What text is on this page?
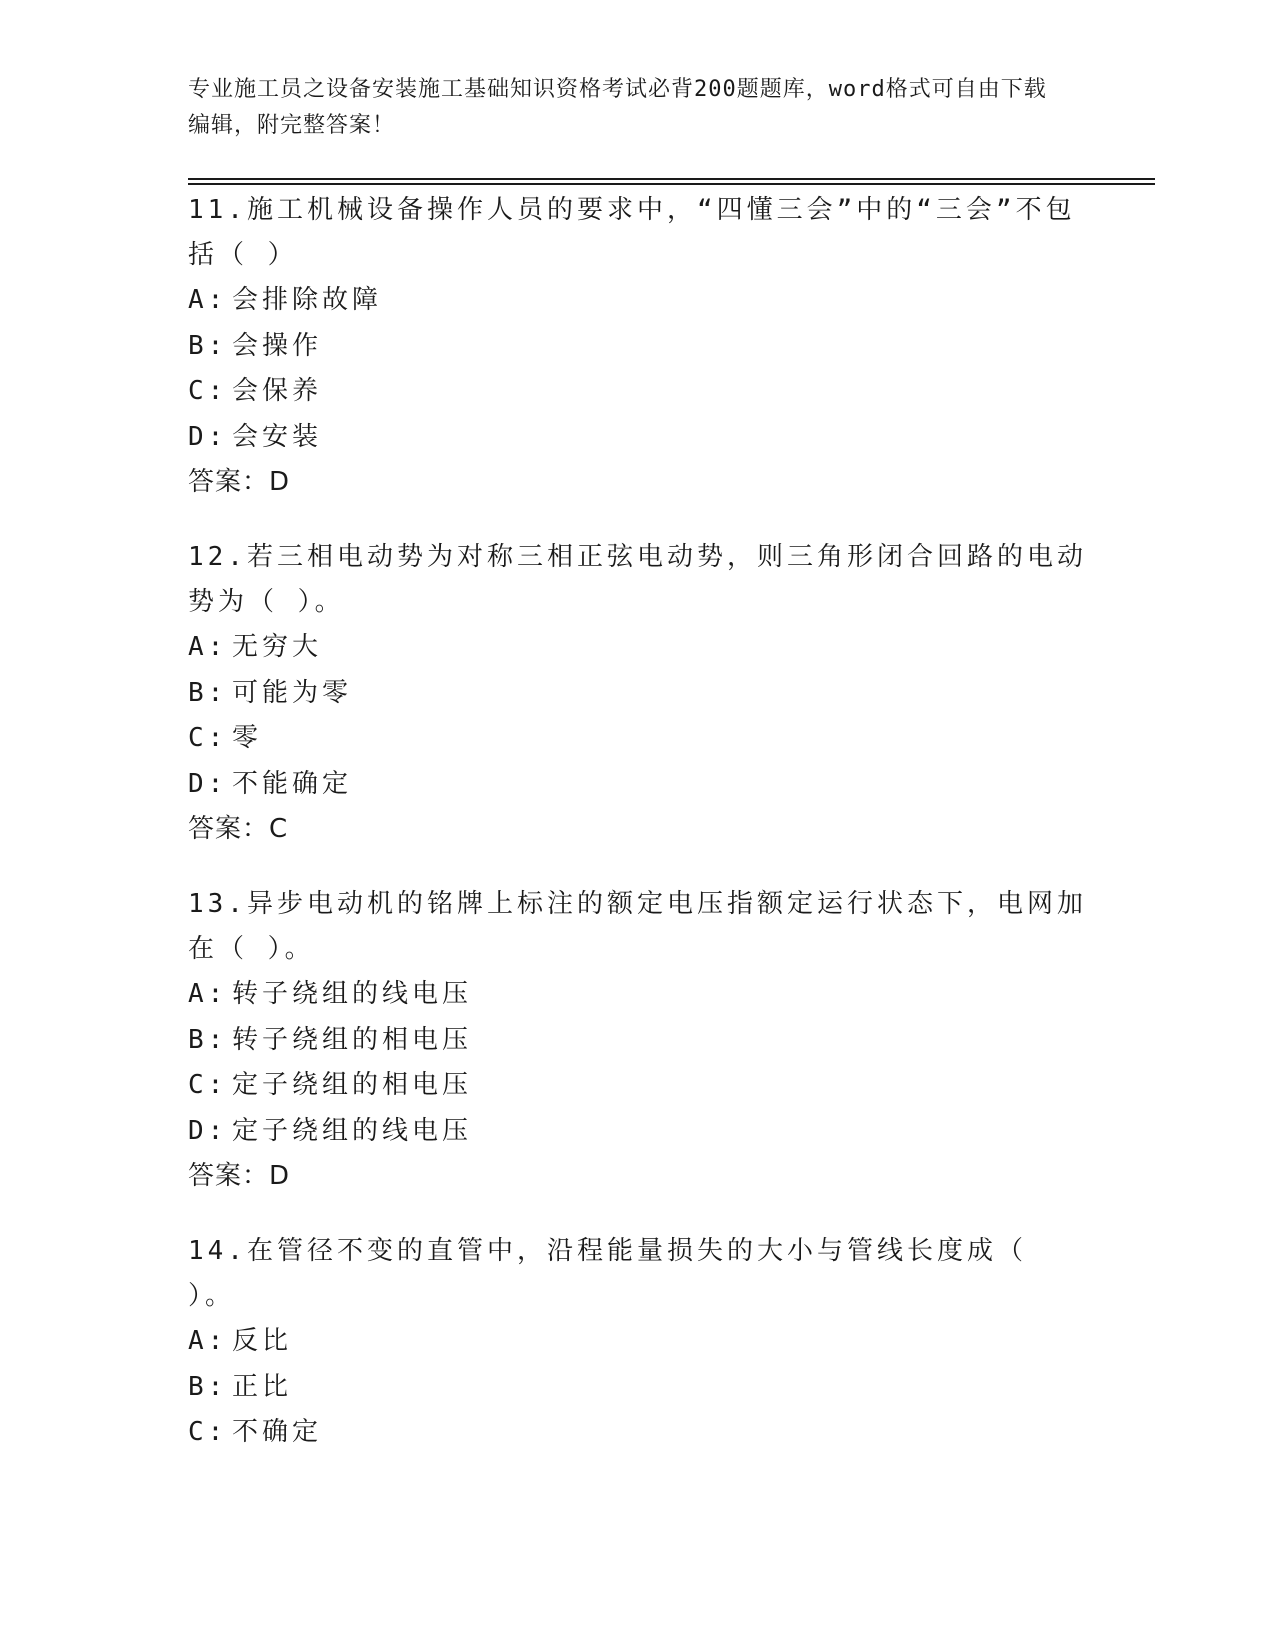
专业施工员之设备安装施工基础知识资格考试必背200题题库，word格式可自由下载编辑，附完整答案！

11.施工机械设备操作人员的要求中，“四懂三会”中的“三会”不包括（ ）

A: 会排除故障

B: 会操作

C: 会保养

D: 会安装

答案：D

12.若三相电动势为对称三相正弦电动势，则三角形闭合回路的电动势为（ ）。

A: 无穷大

B: 可能为零

C: 零

D: 不能确定

答案：C

13.异步电动机的铭牌上标注的额定电压指额定运行状态下，电网加在（ ）。

A: 转子绕组的线电压

B: 转子绕组的相电压

C: 定子绕组的相电压

D: 定子绕组的线电压

答案：D

14.在管径不变的直管中，沿程能量损失的大小与管线长度成（ ）。

A: 反比

B: 正比

C: 不确定
